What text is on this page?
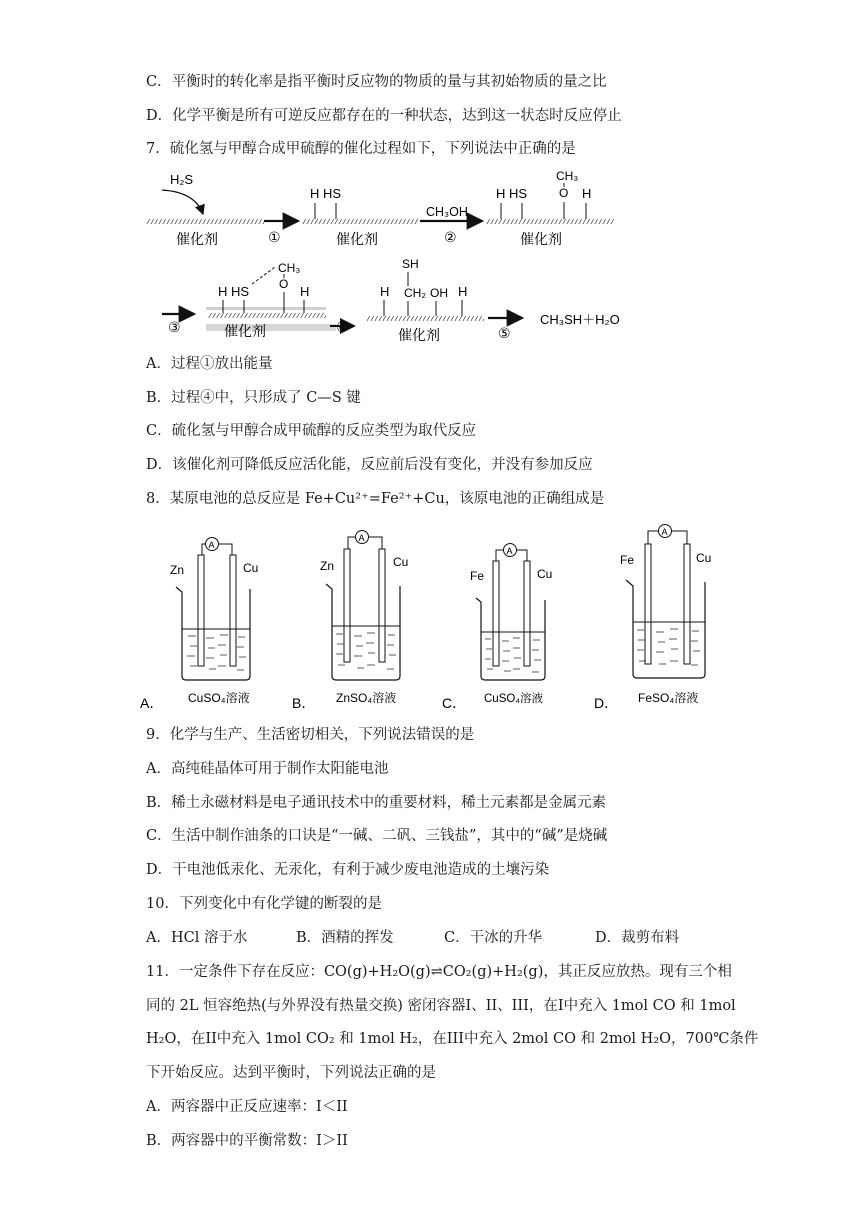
C．平衡时的转化率是指平衡时反应物的物质的量与其初始物质的量之比
D．化学平衡是所有可逆反应都存在的一种状态，达到这一状态时反应停止
7．硫化氢与甲醇合成甲硫醇的催化过程如下，下列说法中正确的是
H₂S
催化剂	①
H HS
催化剂
CH₃OH
②
H HS
CH₃
O H
催化剂
③
H HS
CH₃
O H
催化剂	④
H
SH
CH₂ OH H
催化剂	⑤
CH₃SH＋H₂O
A．过程①放出能量
B．过程④中，只形成了 C—S 键
C．硫化氢与甲醇合成甲硫醇的反应类型为取代反应
D．该催化剂可降低反应活化能，反应前后没有变化，并没有参加反应
8．某原电池的总反应是 Fe+Cu²⁺=Fe²⁺+Cu，该原电池的正确组成是
A．
Zn	Cu
A
CuSO₄溶液	B．
Zn	Cu
A
ZnSO₄溶液	C．
Fe	Cu
A
CuSO₄溶液	D．
Fe	Cu
A
FeSO₄溶液
9．化学与生产、生活密切相关，下列说法错误的是
A．高纯硅晶体可用于制作太阳能电池
B．稀土永磁材料是电子通讯技术中的重要材料，稀土元素都是金属元素
C．生活中制作油条的口诀是“一碱、二矾、三钱盐”，其中的“碱”是烧碱
D．干电池低汞化、无汞化，有利于减少废电池造成的土壤污染
10．下列变化中有化学键的断裂的是
A．HCl 溶于水	B．酒精的挥发	C．干冰的升华	D．裁剪布料
11．一定条件下存在反应：CO(g)+H₂O(g)⇌CO₂(g)+H₂(g)，其正反应放热。现有三个相
同的 2L 恒容绝热(与外界没有热量交换) 密闭容器I、II、III，在I中充入 1mol CO 和 1mol
H₂O，在II中充入 1mol CO₂ 和 1mol H₂，在III中充入 2mol CO 和 2mol H₂O，700℃条件
下开始反应。达到平衡时，下列说法正确的是
A．两容器中正反应速率：I＜II
B．两容器中的平衡常数：I＞II
